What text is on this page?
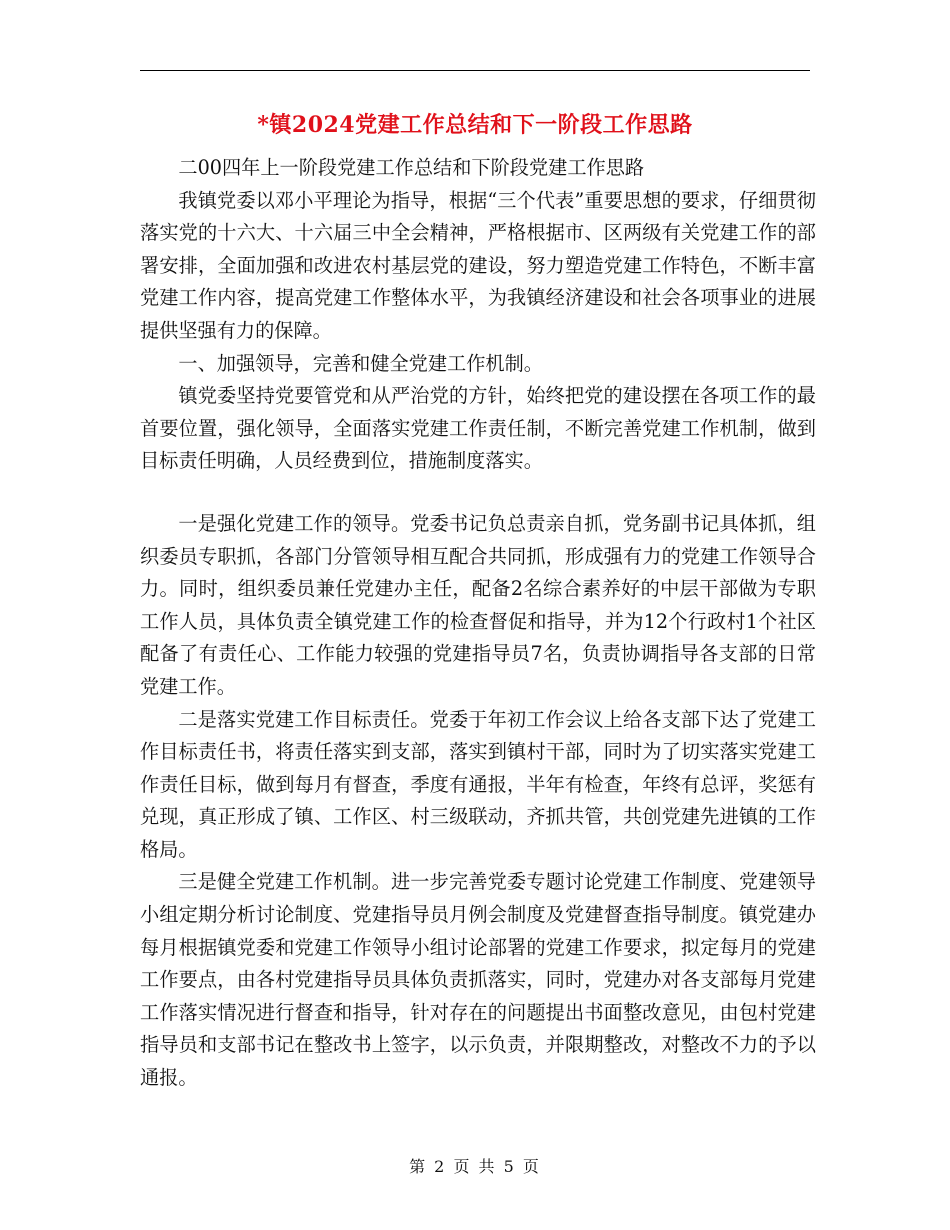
*镇2024党建工作总结和下一阶段工作思路

二00四年上一阶段党建工作总结和下阶段党建工作思路

我镇党委以邓小平理论为指导，根据“三个代表”重要思想的要求，仔细贯彻落实党的十六大、十六届三中全会精神，严格根据市、区两级有关党建工作的部署安排，全面加强和改进农村基层党的建设，努力塑造党建工作特色，不断丰富党建工作内容，提高党建工作整体水平，为我镇经济建设和社会各项事业的进展提供坚强有力的保障。

一、加强领导，完善和健全党建工作机制。

镇党委坚持党要管党和从严治党的方针，始终把党的建设摆在各项工作的最首要位置，强化领导，全面落实党建工作责任制，不断完善党建工作机制，做到目标责任明确，人员经费到位，措施制度落实。

一是强化党建工作的领导。党委书记负总责亲自抓，党务副书记具体抓，组织委员专职抓，各部门分管领导相互配合共同抓，形成强有力的党建工作领导合力。同时，组织委员兼任党建办主任，配备2名综合素养好的中层干部做为专职工作人员，具体负责全镇党建工作的检查督促和指导，并为12个行政村1个社区配备了有责任心、工作能力较强的党建指导员7名，负责协调指导各支部的日常党建工作。

二是落实党建工作目标责任。党委于年初工作会议上给各支部下达了党建工作目标责任书，将责任落实到支部，落实到镇村干部，同时为了切实落实党建工作责任目标，做到每月有督查，季度有通报，半年有检查，年终有总评，奖惩有兑现，真正形成了镇、工作区、村三级联动，齐抓共管，共创党建先进镇的工作格局。

三是健全党建工作机制。进一步完善党委专题讨论党建工作制度、党建领导小组定期分析讨论制度、党建指导员月例会制度及党建督查指导制度。镇党建办每月根据镇党委和党建工作领导小组讨论部署的党建工作要求，拟定每月的党建工作要点，由各村党建指导员具体负责抓落实，同时，党建办对各支部每月党建工作落实情况进行督查和指导，针对存在的问题提出书面整改意见，由包村党建指导员和支部书记在整改书上签字，以示负责，并限期整改，对整改不力的予以通报。

第 2 页 共 5 页
